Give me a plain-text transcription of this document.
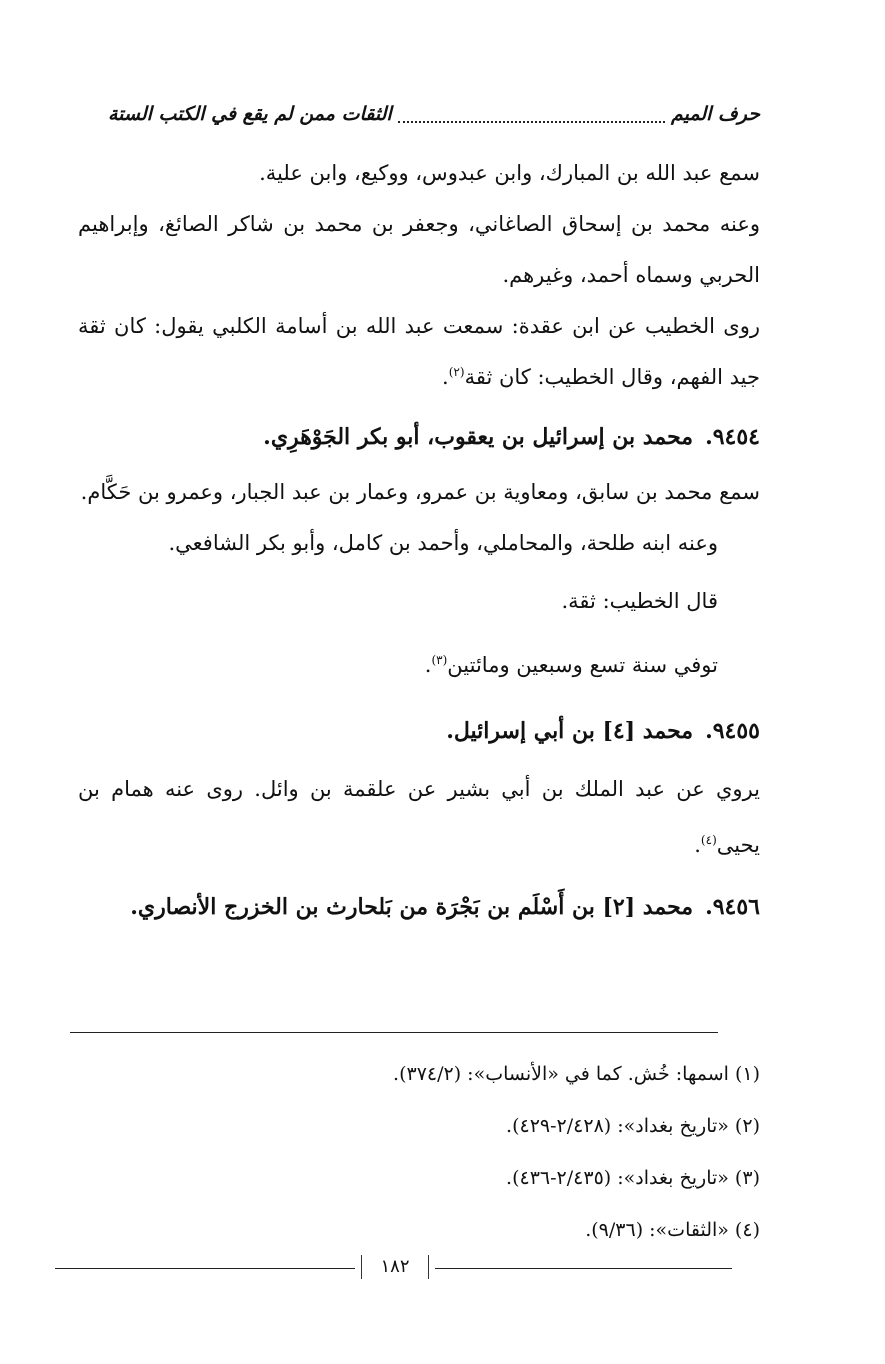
حرف الميم
الثقات ممن لم يقع في الكتب الستة

سمع عبد الله بن المبارك، وابن عبدوس، ووكيع، وابن علية.

وعنه محمد بن إسحاق الصاغاني، وجعفر بن محمد بن شاكر الصائغ، وإبراهيم الحربي وسماه أحمد، وغيرهم.

روى الخطيب عن ابن عقدة: سمعت عبد الله بن أسامة الكلبي يقول: كان ثقة جيد الفهم، وقال الخطيب: كان ثقة$^{(٢)}$.

٩٤٥٤.محمد بن إسرائيل بن يعقوب، أبو بكر الجَوْهَرِي.

سمع محمد بن سابق، ومعاوية بن عمرو، وعمار بن عبد الجبار، وعمرو بن حَكَّام.

وعنه ابنه طلحة، والمحاملي، وأحمد بن كامل، وأبو بكر الشافعي.

قال الخطيب: ثقة.

توفي سنة تسع وسبعين ومائتين$^{(٣)}$.

٩٤٥٥.محمد [٤] بن أبي إسرائيل.

يروي عن عبد الملك بن أبي بشير عن علقمة بن وائل. روى عنه همام بن يحيى$^{(٤)}$.

٩٤٥٦.محمد [٢] بن أَسْلَم بن بَجْرَة من بَلحارث بن الخزرج الأنصاري.

(١) اسمها: خُش. كما في «الأنساب»: (٣٧٤/٢).

(٢) «تاريخ بغداد»: (٢/٤٢٨-٤٢٩).

(٣) «تاريخ بغداد»: (٢/٤٣٥-٤٣٦).

(٤) «الثقات»: (٩/٣٦).

١٨٢
